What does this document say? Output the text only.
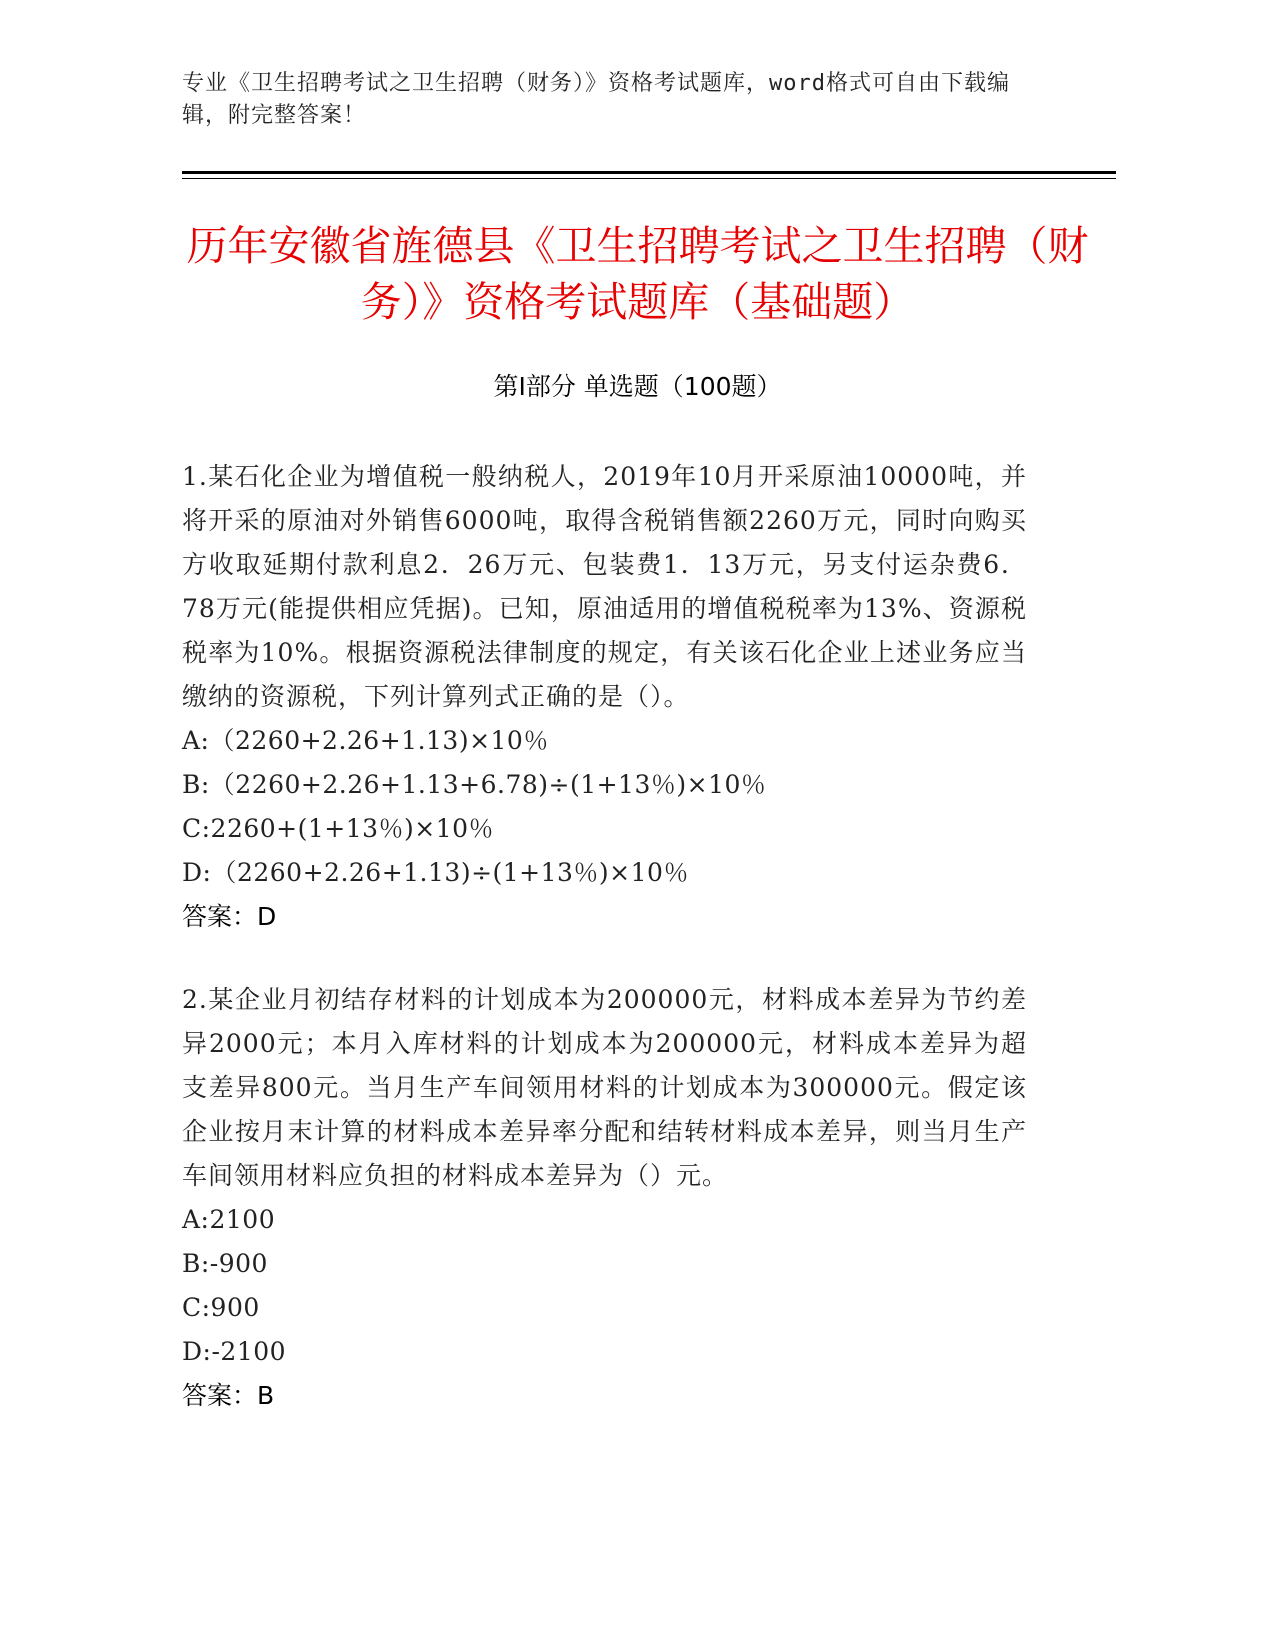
专业《卫生招聘考试之卫生招聘（财务）》资格考试题库，word格式可自由下载编辑，附完整答案！
历年安徽省旌德县《卫生招聘考试之卫生招聘（财务）》资格考试题库（基础题）
第Ⅰ部分 单选题（100题）
1.某石化企业为增值税一般纳税人，2019年10月开采原油10000吨，并将开采的原油对外销售6000吨，取得含税销售额2260万元，同时向购买方收取延期付款利息2．26万元、包装费1．13万元，另支付运杂费6．78万元(能提供相应凭据)。已知，原油适用的增值税税率为13%、资源税税率为10%。根据资源税法律制度的规定，有关该石化企业上述业务应当缴纳的资源税，下列计算列式正确的是（）。
A:（2260+2.26+1.13)×10％
B:（2260+2.26+1.13+6.78)÷(1+13％)×10％
C:2260+(1+13％)×10％
D:（2260+2.26+1.13)÷(1+13％)×10％
答案：D
2.某企业月初结存材料的计划成本为200000元，材料成本差异为节约差异2000元；本月入库材料的计划成本为200000元，材料成本差异为超支差异800元。当月生产车间领用材料的计划成本为300000元。假定该企业按月末计算的材料成本差异率分配和结转材料成本差异，则当月生产车间领用材料应负担的材料成本差异为（）元。
A:2100
B:-900
C:900
D:-2100
答案：B
